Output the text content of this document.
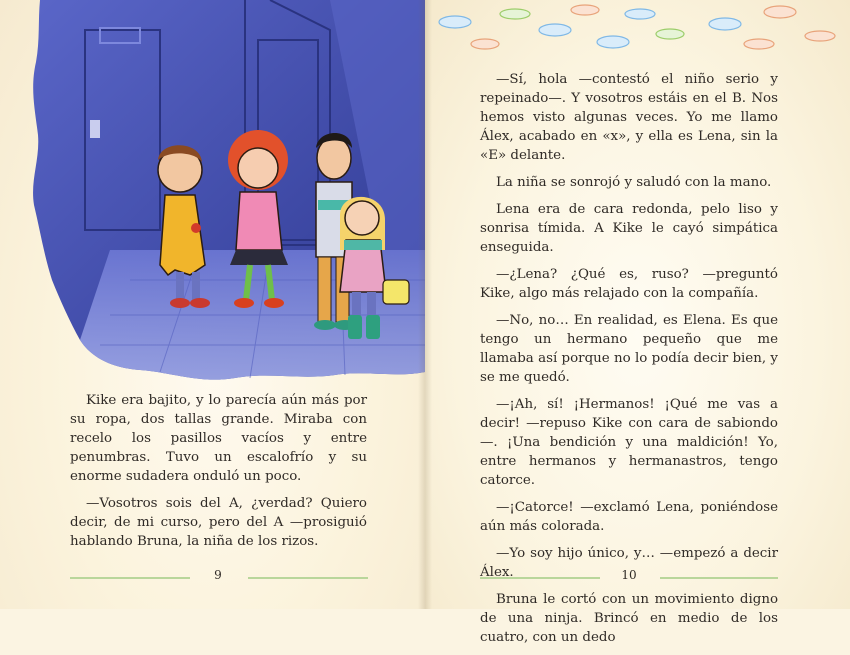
Kike era bajito, y lo parecía aún más por su ropa, dos tallas grande. Miraba con recelo los pasillos vacíos y entre penumbras. Tuvo un escalofrío y su enorme sudadera onduló un poco.

—Vosotros sois del A, ¿verdad? Quiero decir, de mi curso, pero del A —prosiguió hablando Bruna, la niña de los rizos.

9	10

—Sí, hola —contestó el niño serio y repeinado—. Y vosotros estáis en el B. Nos hemos visto algunas veces. Yo me llamo Álex, acabado en «x», y ella es Lena, sin la «E» delante.

La niña se sonrojó y saludó con la mano.

Lena era de cara redonda, pelo liso y sonrisa tímida. A Kike le cayó simpática enseguida.

—¿Lena? ¿Qué es, ruso? —preguntó Kike, algo más relajado con la compañía.

—No, no… En realidad, es Elena. Es que tengo un hermano pequeño que me llamaba así porque no lo podía decir bien, y se me quedó.

—¡Ah, sí! ¡Hermanos! ¡Qué me vas a decir! —repuso Kike con cara de sabiondo—. ¡Una bendición y una maldición! Yo, entre hermanos y hermanastros, tengo catorce.

—¡Catorce! —exclamó Lena, poniéndose aún más colorada.

—Yo soy hijo único, y… —empezó a decir Álex.

Bruna le cortó con un movimiento digno de una ninja. Brincó en medio de los cuatro, con un dedo
